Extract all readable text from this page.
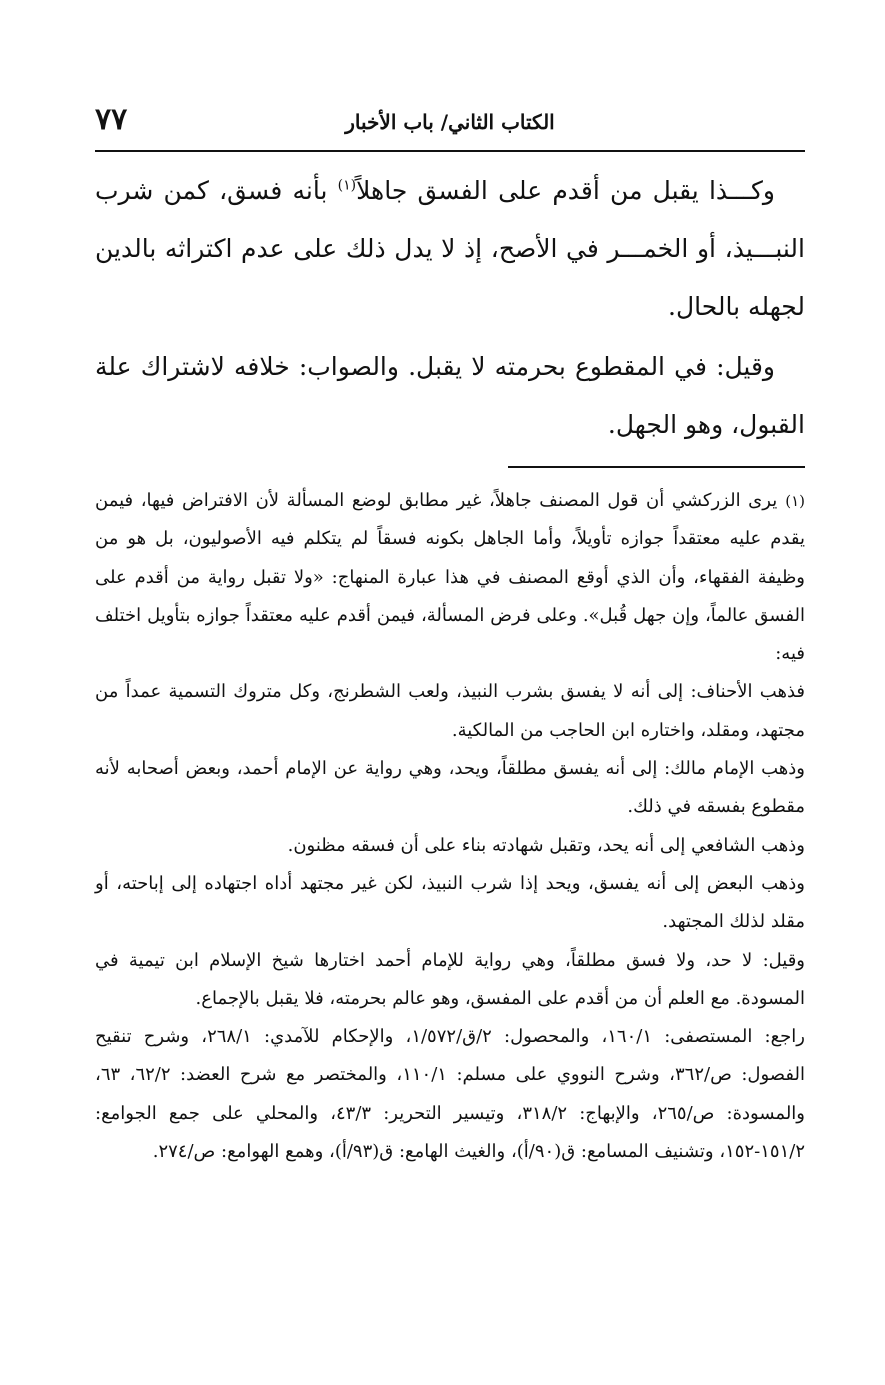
٧٧	الكتاب الثاني/ باب الأخبار

وكـــذا يقبل من أقدم على الفسق جاهلاً$^{(١)}$ بأنه فسق، كمن شرب النبـــيذ، أو الخمـــر في الأصح، إذ لا يدل ذلك على عدم اكتراثه بالدين لجهله بالحال.

وقيل: في المقطوع بحرمته لا يقبل. والصواب: خلافه لاشتراك علة القبول، وهو الجهل.

(١)يرى الزركشي أن قول المصنف جاهلاً، غير مطابق لوضع المسألة لأن الافتراض فيها، فيمن يقدم عليه معتقداً جوازه تأويلاً، وأما الجاهل بكونه فسقاً لم يتكلم فيه الأصوليون، بل هو من وظيفة الفقهاء، وأن الذي أوقع المصنف في هذا عبارة المنهاج: «ولا تقبل رواية من أقدم على الفسق عالماً، وإن جهل قُبل». وعلى فرض المسألة، فيمن أقدم عليه معتقداً جوازه بتأويل اختلف فيه:

فذهب الأحناف: إلى أنه لا يفسق بشرب النبيذ، ولعب الشطرنج، وكل متروك التسمية عمداً من مجتهد، ومقلد، واختاره ابن الحاجب من المالكية.

وذهب الإمام مالك: إلى أنه يفسق مطلقاً، ويحد، وهي رواية عن الإمام أحمد، وبعض أصحابه لأنه مقطوع بفسقه في ذلك.

وذهب الشافعي إلى أنه يحد، وتقبل شهادته بناء على أن فسقه مظنون.

وذهب البعض إلى أنه يفسق، ويحد إذا شرب النبيذ، لكن غير مجتهد أداه اجتهاده إلى إباحته، أو مقلد لذلك المجتهد.

وقيل: لا حد، ولا فسق مطلقاً، وهي رواية للإمام أحمد اختارها شيخ الإسلام ابن تيمية في المسودة. مع العلم أن من أقدم على المفسق، وهو عالم بحرمته، فلا يقبل بالإجماع.

راجع: المستصفى: ١٦٠/١، والمحصول: ٢/ق/١/٥٧٢، والإحكام للآمدي: ٢٦٨/١، وشرح تنقيح الفصول: ص/٣٦٢، وشرح النووي على مسلم: ١١٠/١، والمختصر مع شرح العضد: ٦٢/٢، ٦٣، والمسودة: ص/٢٦٥، والإبهاج: ٣١٨/٢، وتيسير التحرير: ٤٣/٣، والمحلي على جمع الجوامع: ١٥١/٢-١٥٢، وتشنيف المسامع: ق(٩٠/أ)، والغيث الهامع: ق(٩٣/أ)، وهمع الهوامع: ص/٢٧٤.
